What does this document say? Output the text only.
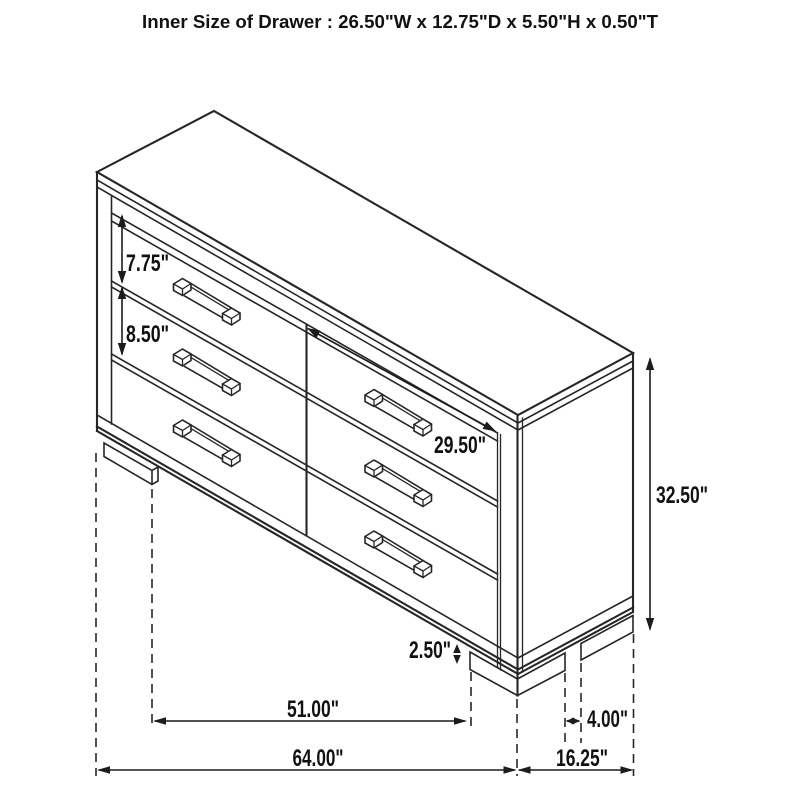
Inner Size of Drawer : 26.50"W x 12.75"D x 5.50"H x 0.50"T
7.75"
8.50"
29.50"
32.50"
2.50"
51.00"	4.00"
64.00"	16.25"
